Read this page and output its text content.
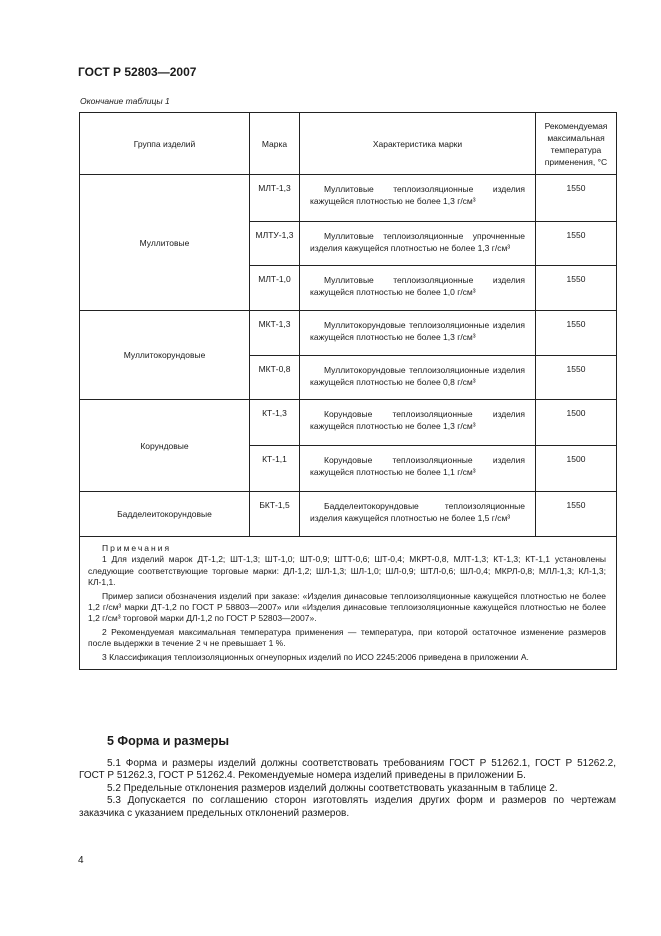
ГОСТ Р 52803—2007
Окончание таблицы 1
Группа изделий	Марка	Характеристика марки	Рекомендуемая максимальная температура применения, °С
Муллитовые	МЛТ-1,3	Муллитовые теплоизоляционные изделия кажущейся плотностью не более 1,3 г/см³	1550
	МЛТУ-1,3	Муллитовые теплоизоляционные упрочненные изделия кажущейся плотностью не более 1,3 г/см³	1550
	МЛТ-1,0	Муллитовые теплоизоляционные изделия кажущейся плотностью не более 1,0 г/см³	1550
Муллитокорундовые	МКТ-1,3	Муллитокорундовые теплоизоляционные изделия кажущейся плотностью не более 1,3 г/см³	1550
	МКТ-0,8	Муллитокорундовые теплоизоляционные изделия кажущейся плотностью не более 0,8 г/см³	1550
Корундовые	КТ-1,3	Корундовые теплоизоляционные изделия кажущейся плотностью не более 1,3 г/см³	1500
	КТ-1,1	Корундовые теплоизоляционные изделия кажущейся плотностью не более 1,1 г/см³	1500
Бадделеитокорундовые	БКТ-1,5	Бадделеитокорундовые теплоизоляционные изделия кажущейся плотностью не более 1,5 г/см³	1550

Примечания
1 Для изделий марок ДТ-1,2; ШТ-1,3; ШТ-1,0; ШТ-0,9; ШТТ-0,6; ШТ-0,4; МКРТ-0,8, МЛТ-1,3; КТ-1,3; КТ-1,1 установлены следующие соответствующие торговые марки: ДЛ-1,2; ШЛ-1,3; ШЛ-1,0; ШЛ-0,9; ШТЛ-0,6; ШЛ-0,4; МКРЛ-0,8; МЛЛ-1,3; КЛ-1,3; КЛ-1,1.
Пример записи обозначения изделий при заказе: «Изделия динасовые теплоизоляционные кажущейся плотностью не более 1,2 г/см³ марки ДТ-1,2 по ГОСТ Р 58803—2007» или «Изделия динасовые теплоизоляционные кажущейся плотностью не более 1,2 г/см³ торговой марки ДЛ-1,2 по ГОСТ Р 52803—2007».
2 Рекомендуемая максимальная температура применения — температура, при которой остаточное изменение размеров после выдержки в течение 2 ч не превышает 1 %.
3 Классификация теплоизоляционных огнеупорных изделий по ИСО 2245:2006 приведена в приложении А.			
5 Форма и размеры

5.1 Форма и размеры изделий должны соответствовать требованиям ГОСТ Р 51262.1, ГОСТ Р 51262.2, ГОСТ Р 51262.3, ГОСТ Р 51262.4. Рекомендуемые номера изделий приведены в приложении Б.

5.2 Предельные отклонения размеров изделий должны соответствовать указанным в таблице 2.

5.3 Допускается по соглашению сторон изготовлять изделия других форм и размеров по чертежам заказчика с указанием предельных отклонений размеров.

4
